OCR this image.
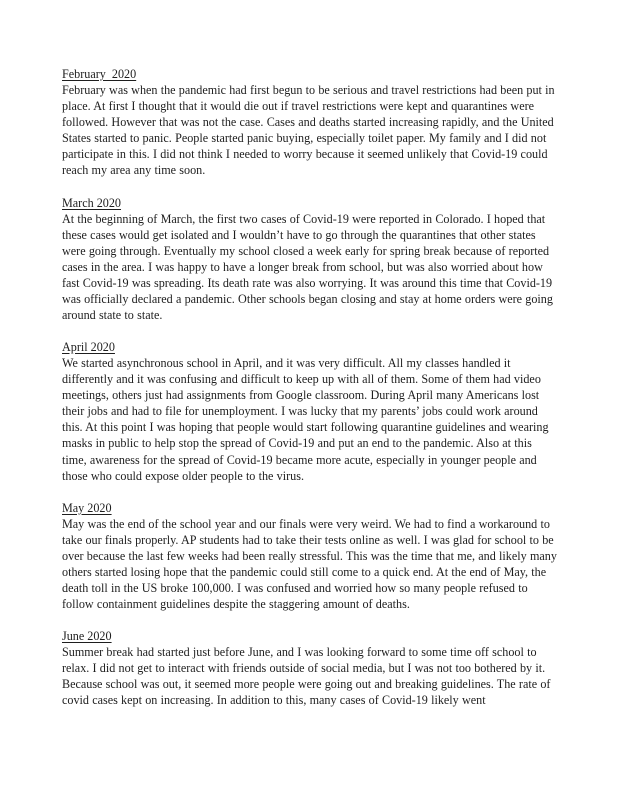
February  2020
February was when the pandemic had first begun to be serious and travel restrictions had been put in place. At first I thought that it would die out if travel restrictions were kept and quarantines were followed. However that was not the case. Cases and deaths started increasing rapidly, and the United States started to panic. People started panic buying, especially toilet paper. My family and I did not participate in this. I did not think I needed to worry because it seemed unlikely that Covid-19 could reach my area any time soon.
March 2020
At the beginning of March, the first two cases of Covid-19 were reported in Colorado. I hoped that these cases would get isolated and I wouldn’t have to go through the quarantines that other states were going through. Eventually my school closed a week early for spring break because of reported cases in the area. I was happy to have a longer break from school, but was also worried about how fast Covid-19 was spreading. Its death rate was also worrying. It was around this time that Covid-19 was officially declared a pandemic. Other schools began closing and stay at home orders were going around state to state.
April 2020
We started asynchronous school in April, and it was very difficult. All my classes handled it differently and it was confusing and difficult to keep up with all of them. Some of them had video meetings, others just had assignments from Google classroom. During April many Americans lost their jobs and had to file for unemployment. I was lucky that my parents’ jobs could work around this. At this point I was hoping that people would start following quarantine guidelines and wearing masks in public to help stop the spread of Covid-19 and put an end to the pandemic. Also at this time, awareness for the spread of Covid-19 became more acute, especially in younger people and those who could expose older people to the virus.
May 2020
May was the end of the school year and our finals were very weird. We had to find a workaround to take our finals properly. AP students had to take their tests online as well. I was glad for school to be over because the last few weeks had been really stressful. This was the time that me, and likely many others started losing hope that the pandemic could still come to a quick end. At the end of May, the death toll in the US broke 100,000. I was confused and worried how so many people refused to follow containment guidelines despite the staggering amount of deaths.
June 2020
Summer break had started just before June, and I was looking forward to some time off school to relax. I did not get to interact with friends outside of social media, but I was not too bothered by it. Because school was out, it seemed more people were going out and breaking guidelines. The rate of covid cases kept on increasing. In addition to this, many cases of Covid-19 likely went
